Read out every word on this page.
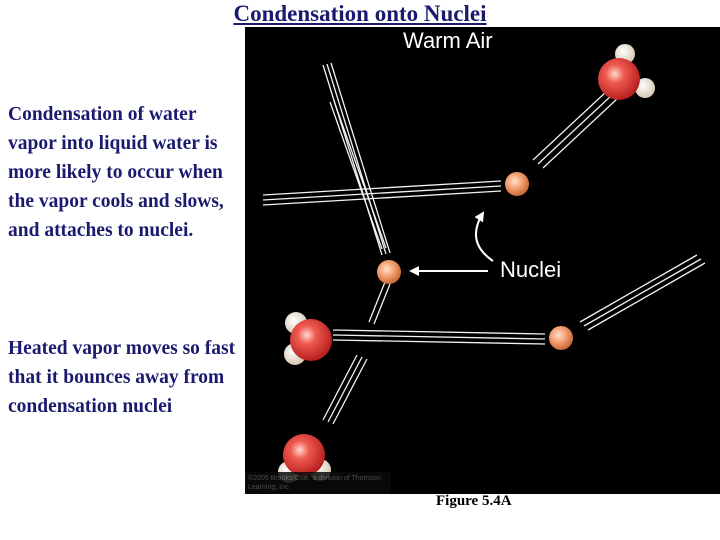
Condensation onto Nuclei
Condensation of water vapor into liquid water is more likely to occur when the vapor cools and slows, and attaches to nuclei.
Heated vapor moves so fast that it bounces away from condensation nuclei
Warm Air
Nuclei
©2005 Brooks/Cole, a division of Thomson Learning, Inc.
Figure 5.4A
